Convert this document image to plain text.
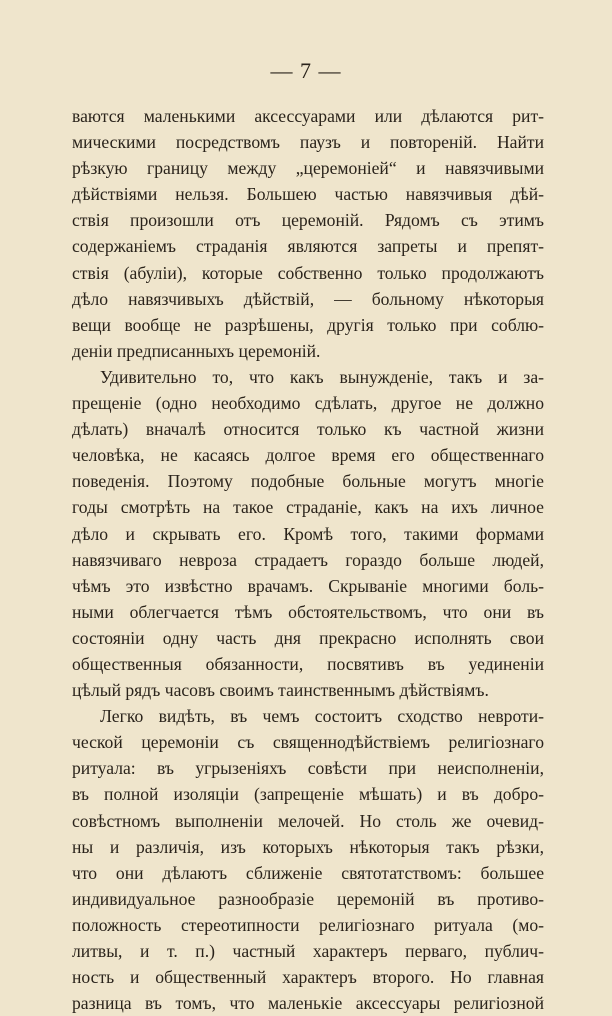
— 7 —
ваются маленькими аксессуарами или дѣлаются рит-
мическими посредствомъ паузъ и повтореній. Найти
рѣзкую границу между „церемоніей“ и навязчивыми
дѣйствіями нельзя. Большею частью навязчивыя дѣй-
ствія произошли отъ церемоній. Рядомъ съ этимъ
содержаніемъ страданія являются запреты и препят-
ствія (абуліи), которые собственно только продолжаютъ
дѣло навязчивыхъ дѣйствій, — больному нѣкоторыя
вещи вообще не разрѣшены, другія только при соблю-
деніи предписанныхъ церемоній.
Удивительно то, что какъ вынужденіе, такъ и за-
прещеніе (одно необходимо сдѣлать, другое не должно
дѣлать) вначалѣ относится только къ частной жизни
человѣка, не касаясь долгое время его общественнаго
поведенія. Поэтому подобные больные могутъ многіе
годы смотрѣть на такое страданіе, какъ на ихъ личное
дѣло и скрывать его. Кромѣ того, такими формами
навязчиваго невроза страдаетъ гораздо больше людей,
чѣмъ это извѣстно врачамъ. Скрываніе многими боль-
ными облегчается тѣмъ обстоятельствомъ, что они въ
состояніи одну часть дня прекрасно исполнять свои
общественныя обязанности, посвятивъ въ уединеніи
цѣлый рядъ часовъ своимъ таинственнымъ дѣйствіямъ.
Легко видѣть, въ чемъ состоитъ сходство невроти-
ческой церемоніи съ священнодѣйствіемъ религіознаго
ритуала: въ угрызеніяхъ совѣсти при неисполненіи,
въ полной изоляціи (запрещеніе мѣшать) и въ добро-
совѣстномъ выполненіи мелочей. Но столь же очевид-
ны и различія, изъ которыхъ нѣкоторыя такъ рѣзки,
что они дѣлаютъ сближеніе святотатствомъ: большее
индивидуальное разнообразіе церемоній въ противо-
положность стереотипности религіознаго ритуала (мо-
литвы, и т. п.) частный характеръ перваго, публич-
ность и общественный характеръ второго. Но главная
разница въ томъ, что маленькіе аксессуары религіозной
